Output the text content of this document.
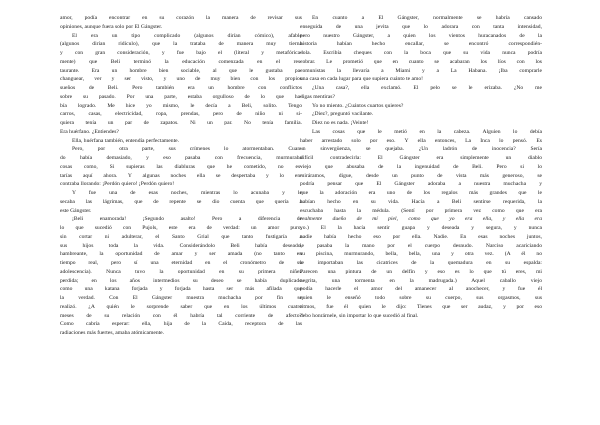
amor, podía encontrar en su corazón la manera de revisar sus
opiniones, aunque fuera solo por El Gángster.
El era un tipo complicado (algunos dirían cómico), afable
(algunos dirían ridículo), que la trataba de manera muy tierna
y con gran consideración, y fue bajo el (literal y metafórica-
mente) que Beli terminó la educación comenzada en el res-
taurante. Era un hombre bien sociable, al que le gustaba pa-
changuear, ver y ser visto, y uno de muy bien con los propios
sueños de Beli. Pero también era un hombre con conflictos
sobre su pasado. Por una parte, estaba orgulloso de lo que ha-
bía logrado. Me hice yo mismo, le decía a Beli, solito. Tengo
carros, casas, electricidad, ropa, prendas, pero de niño ni si-
quiera tenía un par de zapatos. Ni un par. No tenía familia.
Era huérfano. ¿Entiendes?
Ella, huérfana también, entendía perfectamente.
Pero, por otra parte, sus crímenes lo atormentaban. Cuan-
do había demasiado, y eso pasaba con frecuencia, murmuraba
cosas como, Si supieras las diabluras que he cometido, no es-
tarías aquí ahora. Y algunas noches ella se despertaba y lo en-
contraba llorando: ¡Perdón quiero! ¡Perdón quiero!
Y fue una de esas noches, mientras lo acunaba y le
secaba las lágrimas, que de repente se dio cuenta que quería a
este Gángster.
¡Beli enamorada! ¡Segundo asalto! Pero a diferencia de
lo que sucedió con Pujols, este era de verdad: un amor puro,
sin cortar ni adulterar, el Santo Grial que tanto fustigaría a
sus hijos toda la vida. Considerándolo Beli había deseado,
hambreante, la oportunidad de amar y ser amada (no tanto en
tiempo real, pero sí una eternidad en el cronómetro de su
adolescencia). Nunca tuvo la oportunidad en su primera niñez
perdida; en los años intermedios su deseo se había duplicado
como una katana forjada y forjada hasta ser más afilada que
la verdad. Con El Gángster muestra muchacha por fin se
realizó. ¿A quién le sorprende saber que en los últimos cuatro
meses de su relación con él habría tal corriente de afecto?
Como cabría esperar: ella, hija de la Caída, receptora de las
radiaciones más fuertes, amaba atómicamente.
En cuanto a El Gángster, normalmente se habría cansado
enseguida de una jevita que lo adorara con tanta intensidad,
pero nuestro Gángster, a quien los vientos huracanados de la
historia habían hecho encallar, se encontró correspondién-
dola. Escribía cheques con la boca que su vida nunca podría
cobrar. Le prometió que en cuanto se acabaran los líos con los
comunistas la llevaría a Miami y a La Habana. ¡Iba comprarle
una casa en cada lugar para que supiera cuánto te amo!
¿Una casa?, ella exclamó. El pelo se le erizaba. ¿No me
digas mentiras?
Yo no miento. ¿Cuántos cuartos quieres?
¿Diez?, preguntó vacilante.
Diez no es nada. ¡Veinte!
Las cosas que le metió en la cabeza. Alguien lo debía
haber arrestado solo por eso. Y ella entonces, La Inca lo pensó. Es
un sinvergüenza, se quejaba. ¿Un ladrón de inocencia? Sería
difícil contradecirla: El Gángster era simplemente un diablo
viejo que abusaba de la ingenuidad de Beli. Pero si lo
miráramos, digue, desde un punto de vista más generoso, se
podría pensar que El Gángster adoraba a nuestra muchacha y
que la adoración era uno de los regalos más grandes que le
habían hecho en su vida. Hacía a Beli sentirse requerida, la
escuchaba hasta la médula. (Sentí por primera vez como que era
realmente dueño de mí piel, como que yo era ella, y ella era
yo.) El la hacía sentir guapa y deseada y segura, y nunca
nadie había hecho eso por ella. Nadie. En esas noches juntos,
le pasaba la mano por el cuerpo desnudo. Narciso acariciando
su piscina, murmurando, bella, bella, una y otra vez. (A él no
le importaban las cicatrices de la quemadura en su espalda:
Parecen una pintura de un delfín y eso es lo que tú eres, mi
negrita, una tormenta en la madrugada.) Aquel caballo viejo
podía hacerle el amor del amanecer al anochecer, y fue él
quien le enseñó todo sobre su cuerpo, sus orgasmos, sus
ritmos, fue él quien le dijo: Tienes que ser audaz, y por eso
debo honrárnele, sin importar lo que sucedió al final.
